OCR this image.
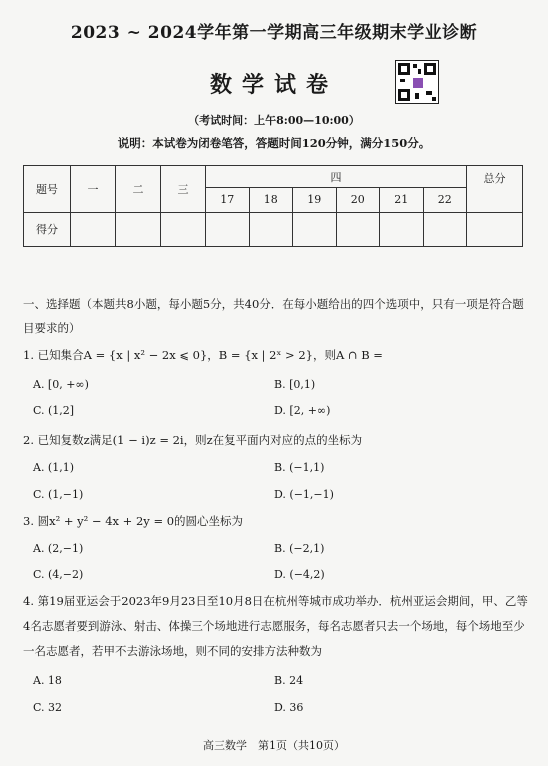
2023 ~ 2024学年第一学期高三年级期末学业诊断
数学试卷
（考试时间：上午8:00—10:00）
说明：本试卷为闭卷笔答，答题时间120分钟，满分150分。
题号	一	二	三	四						总分
				17	18	19	20	21	22	
得分										
一、选择题（本题共8小题，每小题5分，共40分．在每小题给出的四个选项中，只有一项是符合题目要求的）
1. 已知集合A = {x | x² − 2x ⩽ 0}，B = {x | 2ˣ > 2}，则A ∩ B =
A. [0, +∞)	B. [0,1)
C. (1,2]	D. [2, +∞)
2. 已知复数z满足(1 − i)z = 2i，则z在复平面内对应的点的坐标为
A. (1,1)	B. (−1,1)
C. (1,−1)	D. (−1,−1)
3. 圆x² + y² − 4x + 2y = 0的圆心坐标为
A. (2,−1)	B. (−2,1)
C. (4,−2)	D. (−4,2)
4. 第19届亚运会于2023年9月23日至10月8日在杭州等城市成功举办．杭州亚运会期间，甲、乙等4名志愿者要到游泳、射击、体操三个场地进行志愿服务，每名志愿者只去一个场地，每个场地至少一名志愿者，若甲不去游泳场地，则不同的安排方法种数为
A. 18	B. 24
C. 32	D. 36
高三数学　第1页（共10页）
